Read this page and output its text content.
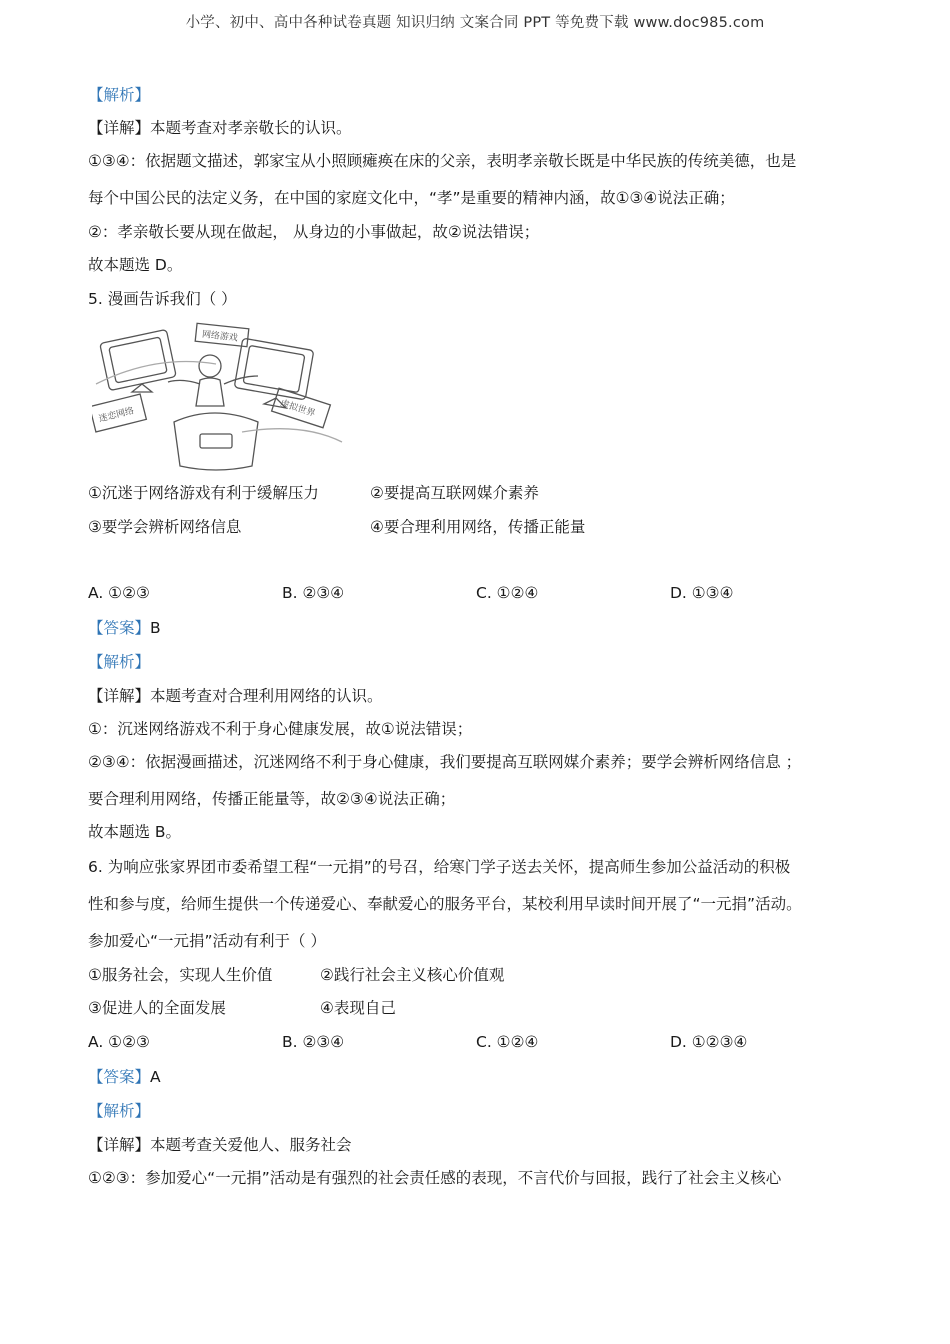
小学、初中、高中各种试卷真题 知识归纳 文案合同 PPT 等免费下载 www.doc985.com
【解析】
【详解】本题考查对孝亲敬长的认识。
①③④：依据题文描述，郭家宝从小照顾瘫痪在床的父亲，表明孝亲敬长既是中华民族的传统美德，也是
每个中国公民的法定义务，在中国的家庭文化中，“孝”是重要的精神内涵，故①③④说法正确；
②：孝亲敬长要从现在做起， 从身边的小事做起，故②说法错误；
故本题选 D。
5. 漫画告诉我们（ ）
网络游戏
迷恋网络	虚拟世界
①沉迷于网络游戏有利于缓解压力	②要提高互联网媒介素养
③要学会辨析网络信息	④要合理利用网络，传播正能量
A. ①②③	B. ②③④	C. ①②④	D. ①③④
【答案】B
【解析】
【详解】本题考查对合理利用网络的认识。
①：沉迷网络游戏不利于身心健康发展，故①说法错误；
②③④：依据漫画描述，沉迷网络不利于身心健康，我们要提高互联网媒介素养；要学会辨析网络信息 ；
要合理利用网络，传播正能量等，故②③④说法正确；
故本题选 B。
6. 为响应张家界团市委希望工程“一元捐”的号召，给寒门学子送去关怀，提高师生参加公益活动的积极
性和参与度，给师生提供一个传递爱心、奉献爱心的服务平台，某校利用早读时间开展了“一元捐”活动。
参加爱心“一元捐”活动有利于（ ）
①服务社会，实现人生价值	②践行社会主义核心价值观
③促进人的全面发展	④表现自己
A. ①②③	B. ②③④	C. ①②④	D. ①②③④
【答案】A
【解析】
【详解】本题考查关爱他人、服务社会
①②③：参加爱心“一元捐”活动是有强烈的社会责任感的表现，不言代价与回报，践行了社会主义核心
